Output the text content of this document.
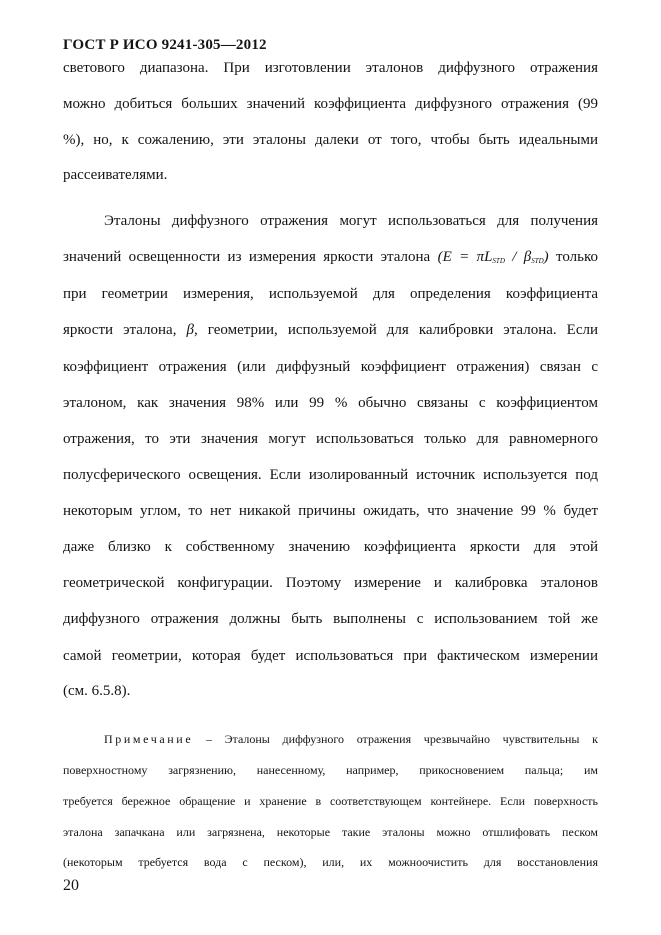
ГОСТ Р ИСО 9241-305—2012
светового диапазона. При изготовлении эталонов диффузного отражения
можно добиться больших значений коэффициента диффузного отражения (99
%), но, к сожалению, эти эталоны далеки от того, чтобы быть идеальными
рассеивателями.
Эталоны диффузного отражения могут использоваться для получения
значений освещенности из измерения яркости эталона $(E = \pi L_{STD} / \beta_{STD})$ только
при геометрии измерения, используемой для определения коэффициента
яркости эталона, β, геометрии, используемой для калибровки эталона. Если
коэффициент отражения (или диффузный коэффициент отражения) связан с
эталоном, как значения 98% или 99 % обычно связаны с коэффициентом
отражения, то эти значения могут использоваться только для равномерного
полусферического освещения. Если изолированный источник используется под
некоторым углом, то нет никакой причины ожидать, что значение 99 % будет
даже близко к собственному значению коэффициента яркости для этой
геометрической конфигурации. Поэтому измерение и калибровка эталонов
диффузного отражения должны быть выполнены с использованием той же
самой геометрии, которая будет использоваться при фактическом измерении
(см. 6.5.8).
Примечание – Эталоны диффузного отражения чрезвычайно чувствительны к
поверхностному загрязнению, нанесенному, например, прикосновением пальца; им
требуется бережное обращение и хранение в соответствующем контейнере. Если поверхность
эталона запачкана или загрязнена, некоторые такие эталоны можно отшлифовать песком
(некоторым требуется вода с песком), или, их можноочистить для восстановления
20
